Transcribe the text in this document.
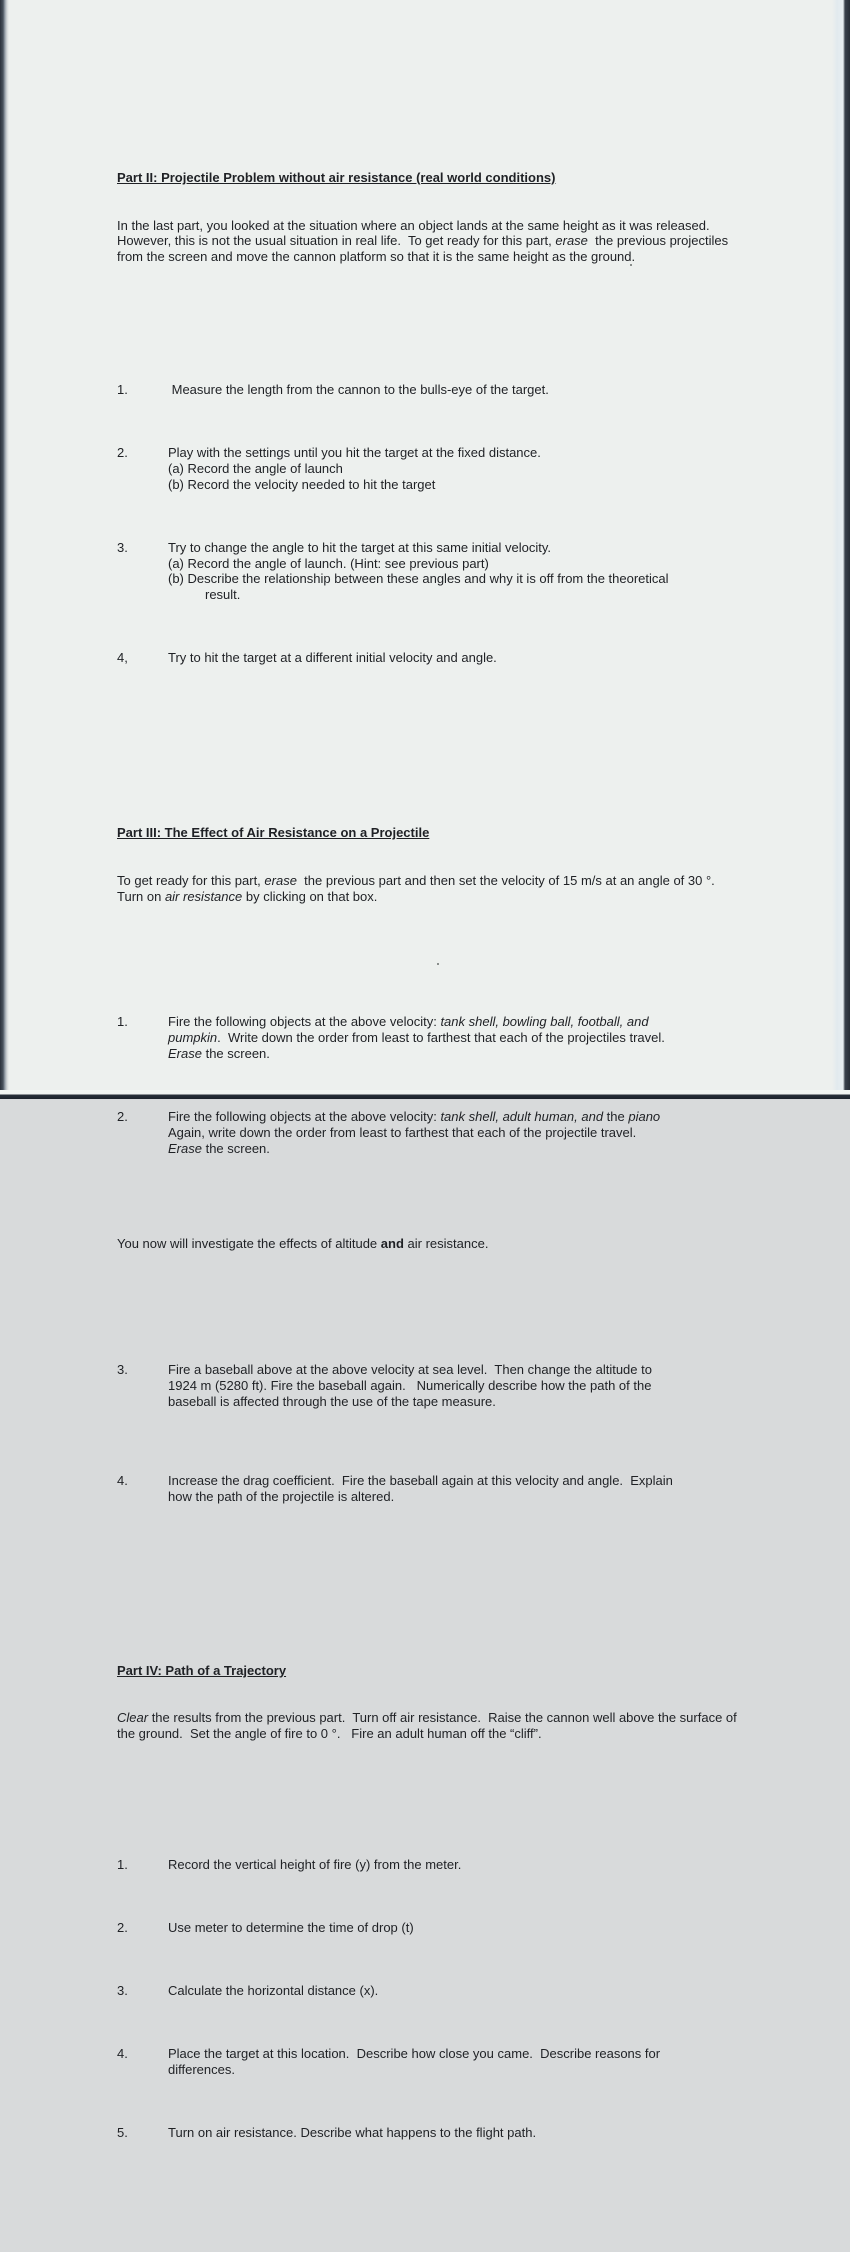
Part II: Projectile Problem without air resistance (real world conditions)

In the last part, you looked at the situation where an object lands at the same height as it was released.  However, this is not the usual situation in real life.  To get ready for this part, erase  the previous projectiles from the screen and move the cannon platform so that it is the same height as the ground.

1.	Measure the length from the cannon to the bulls-eye of the target.

2.	Play with the settings until you hit the target at the fixed distance.
(a) Record the angle of launch
(b) Record the velocity needed to hit the target

3.	Try to change the angle to hit the target at this same initial velocity.
(a) Record the angle of launch. (Hint: see previous part)
(b) Describe the relationship between these angles and why it is off from the theoretical
result.

4,	Try to hit the target at a different initial velocity and angle.

Part III: The Effect of Air Resistance on a Projectile

To get ready for this part, erase  the previous part and then set the velocity of 15 m/s at an angle of 30 °.  Turn on air resistance by clicking on that box.

1.	Fire the following objects at the above velocity: tank shell, bowling ball, football, and
pumpkin.  Write down the order from least to farthest that each of the projectiles travel.
Erase the screen.

2.	Fire the following objects at the above velocity: tank shell, adult human, and the piano
Again, write down the order from least to farthest that each of the projectile travel.
Erase the screen.

You now will investigate the effects of altitude and air resistance.

3.	Fire a baseball above at the above velocity at sea level.  Then change the altitude to
1924 m (5280 ft). Fire the baseball again.   Numerically describe how the path of the
baseball is affected through the use of the tape measure.

4.	Increase the drag coefficient.  Fire the baseball again at this velocity and angle.  Explain
how the path of the projectile is altered.

Part IV: Path of a Trajectory

Clear the results from the previous part.  Turn off air resistance.  Raise the cannon well above the surface of the ground.  Set the angle of fire to 0 °.   Fire an adult human off the “cliff”.

1.	Record the vertical height of fire (y) from the meter.

2.	Use meter to determine the time of drop (t)

3.	Calculate the horizontal distance (x).

4.	Place the target at this location.  Describe how close you came.  Describe reasons for
differences.

5.	Turn on air resistance. Describe what happens to the flight path.
